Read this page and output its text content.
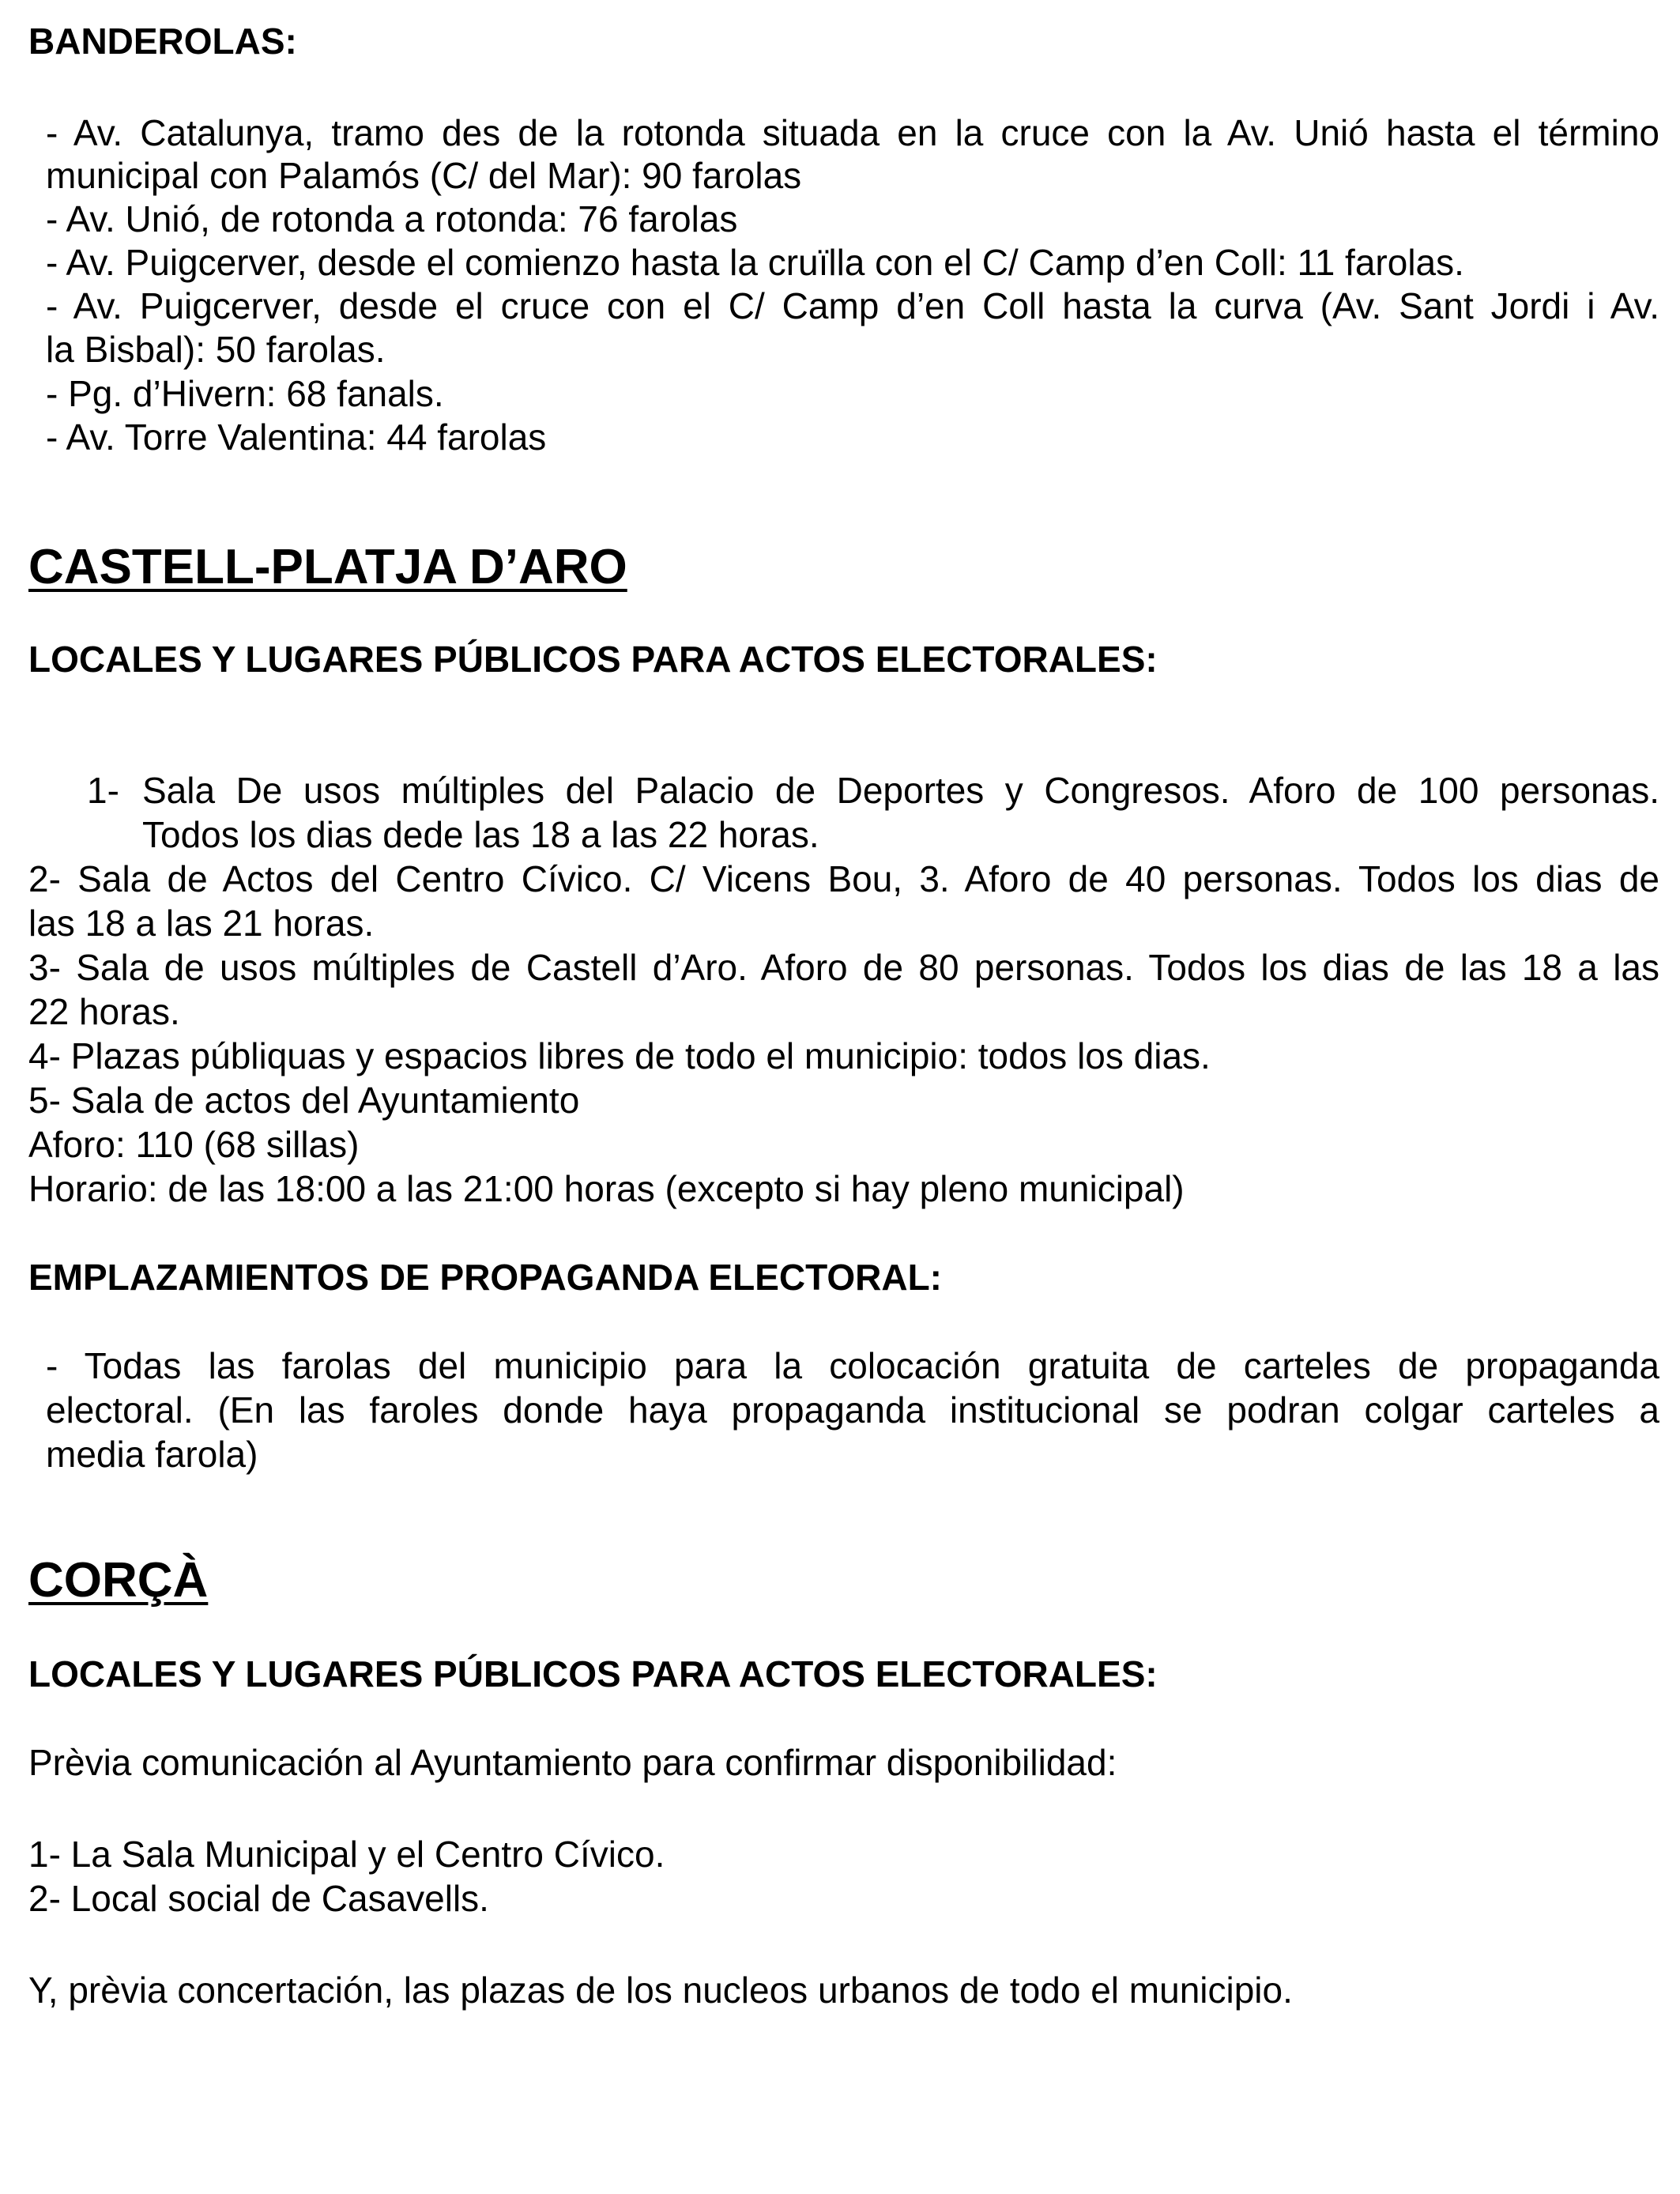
BANDEROLAS:
- Av. Catalunya, tramo des de la rotonda situada en la cruce con la Av. Unió hasta el término
municipal con Palamós (C/ del Mar): 90 farolas
- Av. Unió, de rotonda a rotonda: 76 farolas
- Av. Puigcerver, desde el comienzo hasta la cruïlla con el C/ Camp d’en Coll: 11 farolas.
- Av. Puigcerver, desde el cruce con el C/ Camp d’en Coll hasta la curva (Av. Sant Jordi i Av.
la Bisbal): 50 farolas.
- Pg. d’Hivern: 68 fanals.
- Av. Torre Valentina: 44 farolas
CASTELL-PLATJA D’ARO
LOCALES Y LUGARES PÚBLICOS PARA ACTOS ELECTORALES:
1- Sala De usos múltiples del Palacio de Deportes y Congresos. Aforo de 100 personas.
Todos los dias dede las 18 a las 22 horas.
2- Sala de Actos del Centro Cívico. C/ Vicens Bou, 3. Aforo de 40 personas. Todos los dias de
las 18 a las 21 horas.
3- Sala de usos múltiples de Castell d’Aro. Aforo de 80 personas. Todos los dias de las 18 a las
22 horas.
4- Plazas públiquas y espacios libres de todo el municipio: todos los dias.
5- Sala de actos del Ayuntamiento
Aforo: 110 (68 sillas)
Horario: de las 18:00 a las 21:00 horas (excepto si hay pleno municipal)
EMPLAZAMIENTOS DE PROPAGANDA ELECTORAL:
- Todas las farolas del municipio para la colocación gratuita de carteles de propaganda
electoral. (En las faroles donde haya propaganda institucional se podran colgar carteles a
media farola)
CORÇÀ
LOCALES Y LUGARES PÚBLICOS PARA ACTOS ELECTORALES:
Prèvia comunicación al Ayuntamiento para confirmar disponibilidad:
1- La Sala Municipal y el Centro Cívico.
2- Local social de Casavells.
Y, prèvia concertación, las plazas de los nucleos urbanos de todo el municipio.
